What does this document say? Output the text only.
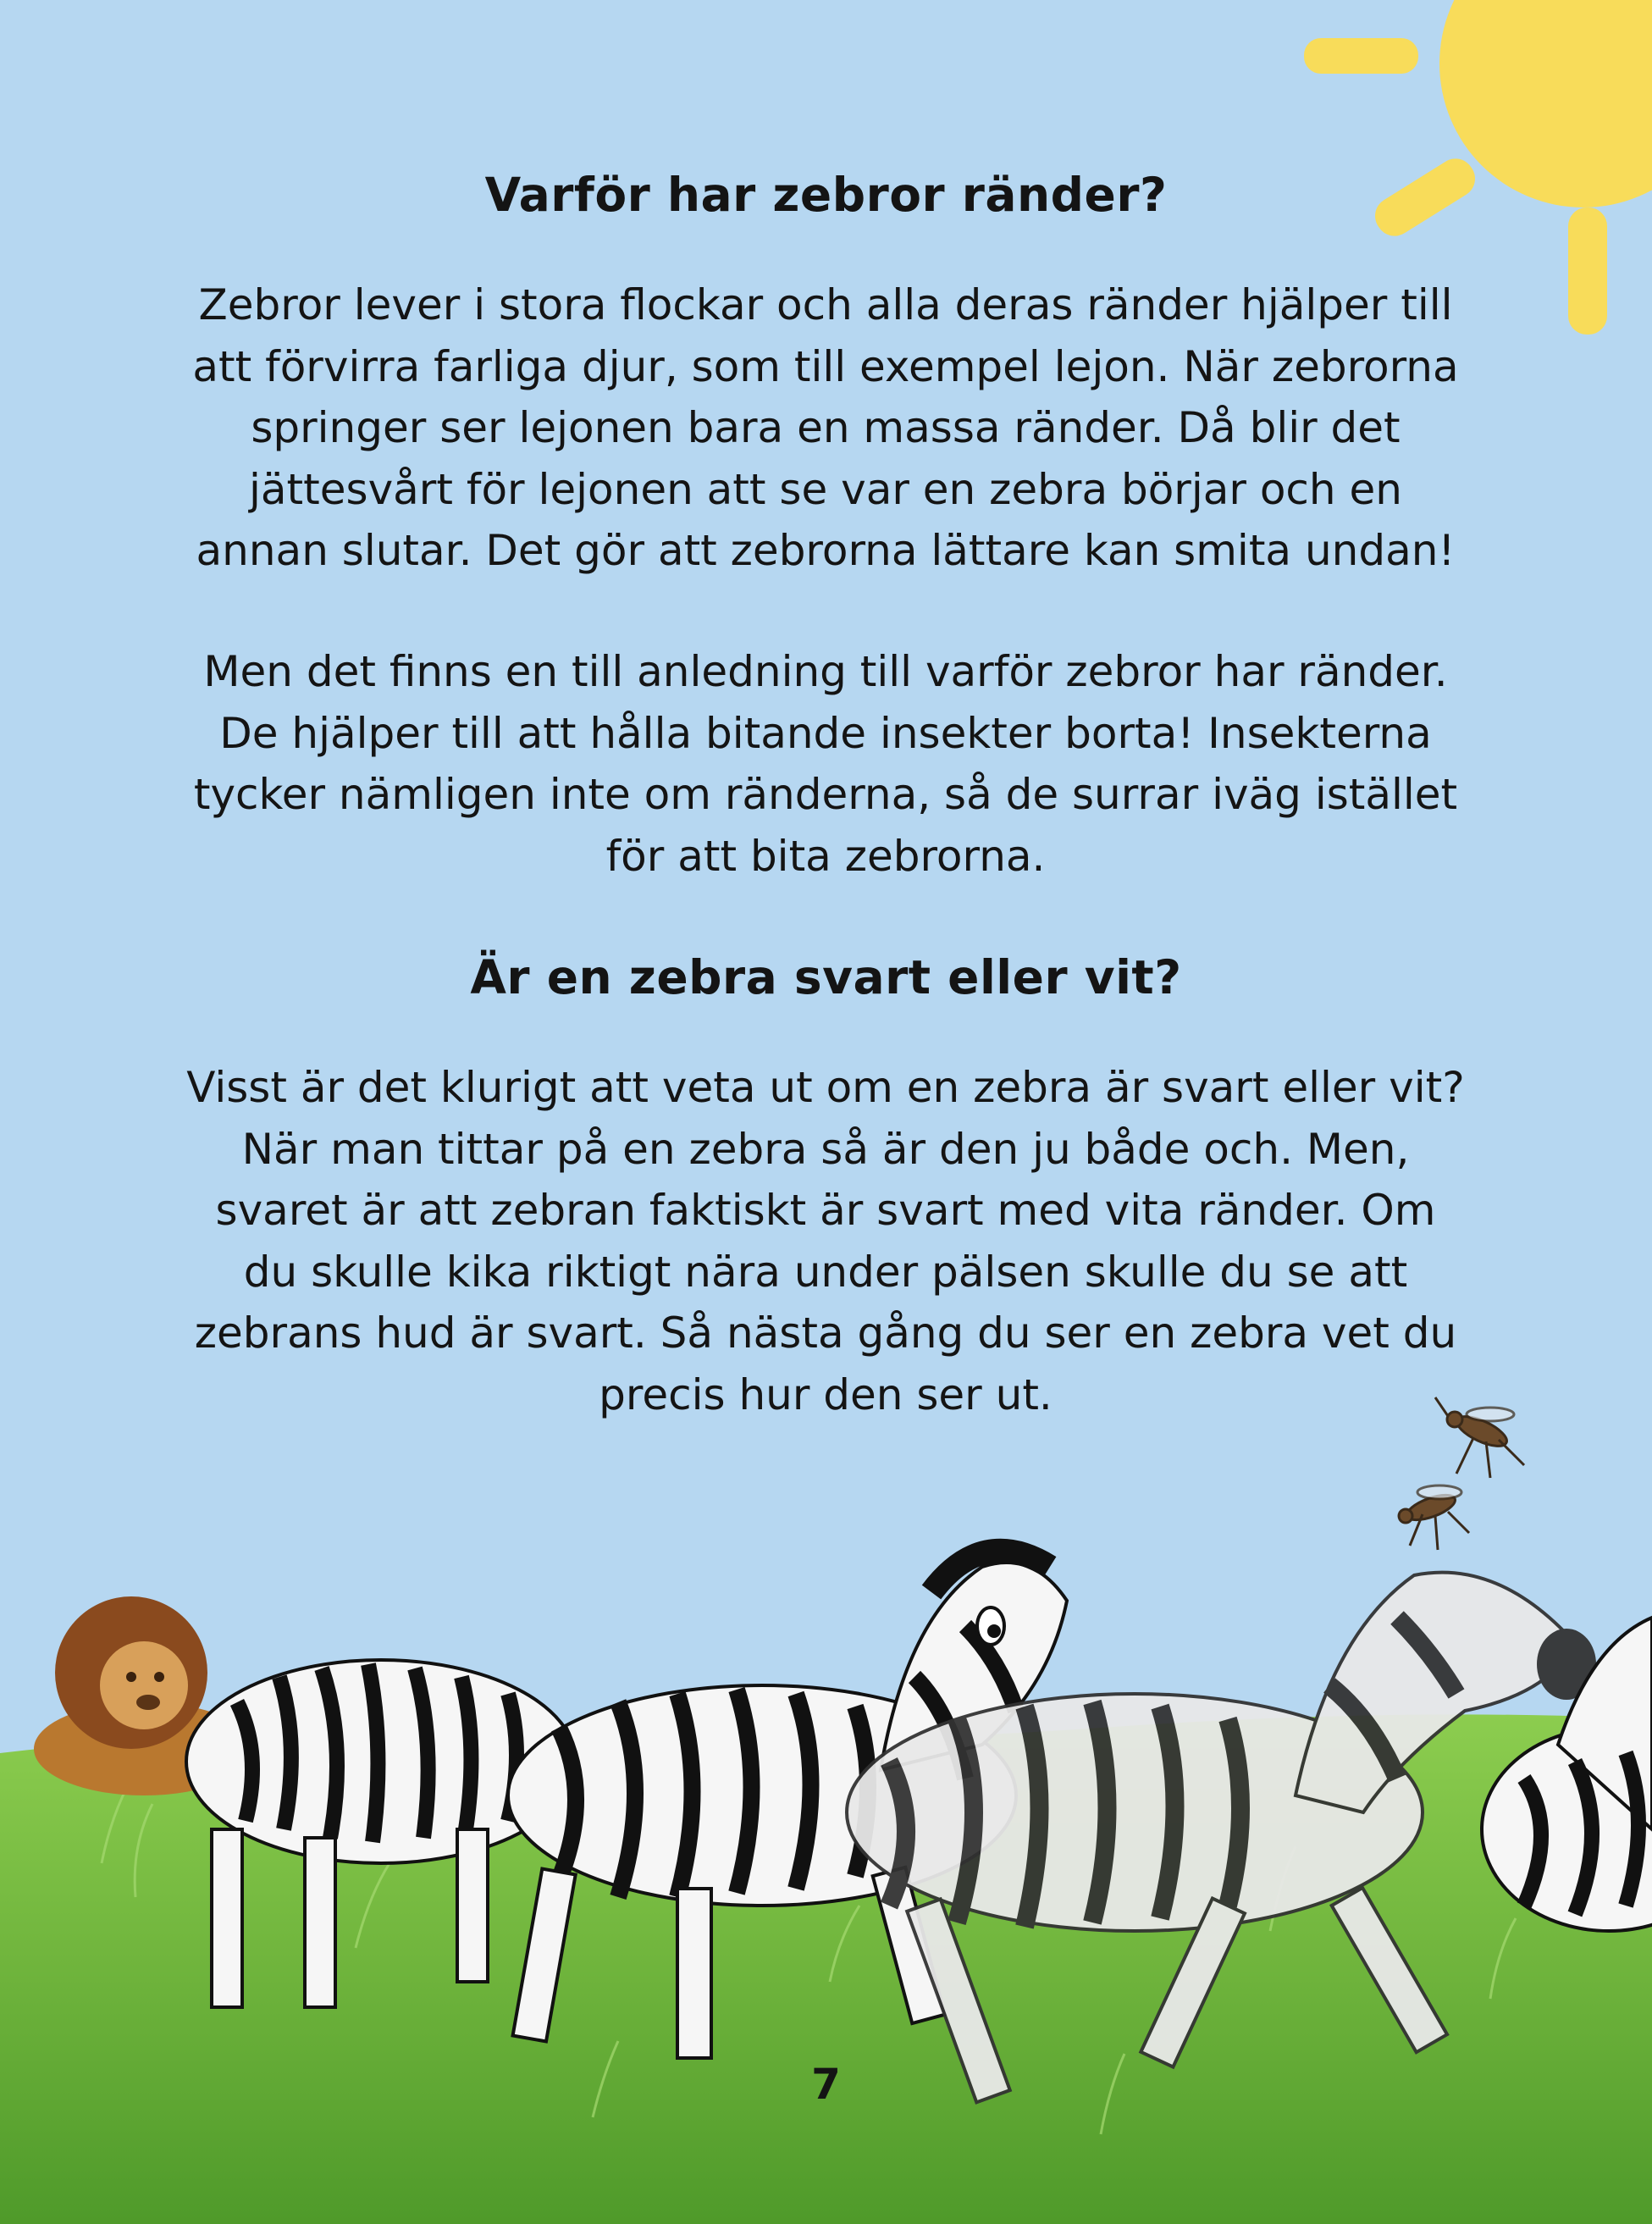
Varför har zebror ränder?
Zebror lever i stora flockar och alla deras ränder hjälper till
att förvirra farliga djur, som till exempel lejon. När zebrorna
springer ser lejonen bara en massa ränder. Då blir det
jättesvårt för lejonen att se var en zebra börjar och en
annan slutar. Det gör att zebrorna lättare kan smita undan!
Men det finns en till anledning till varför zebror har ränder.
De hjälper till att hålla bitande insekter borta! Insekterna
tycker nämligen inte om ränderna, så de surrar iväg istället
för att bita zebrorna.
Är en zebra svart eller vit?
Visst är det klurigt att veta ut om en zebra är svart eller vit?
När man tittar på en zebra så är den ju både och. Men,
svaret är att zebran faktiskt är svart med vita ränder. Om
du skulle kika riktigt nära under pälsen skulle du se att
zebrans hud är svart. Så nästa gång du ser en zebra vet du
precis hur den ser ut.

7
